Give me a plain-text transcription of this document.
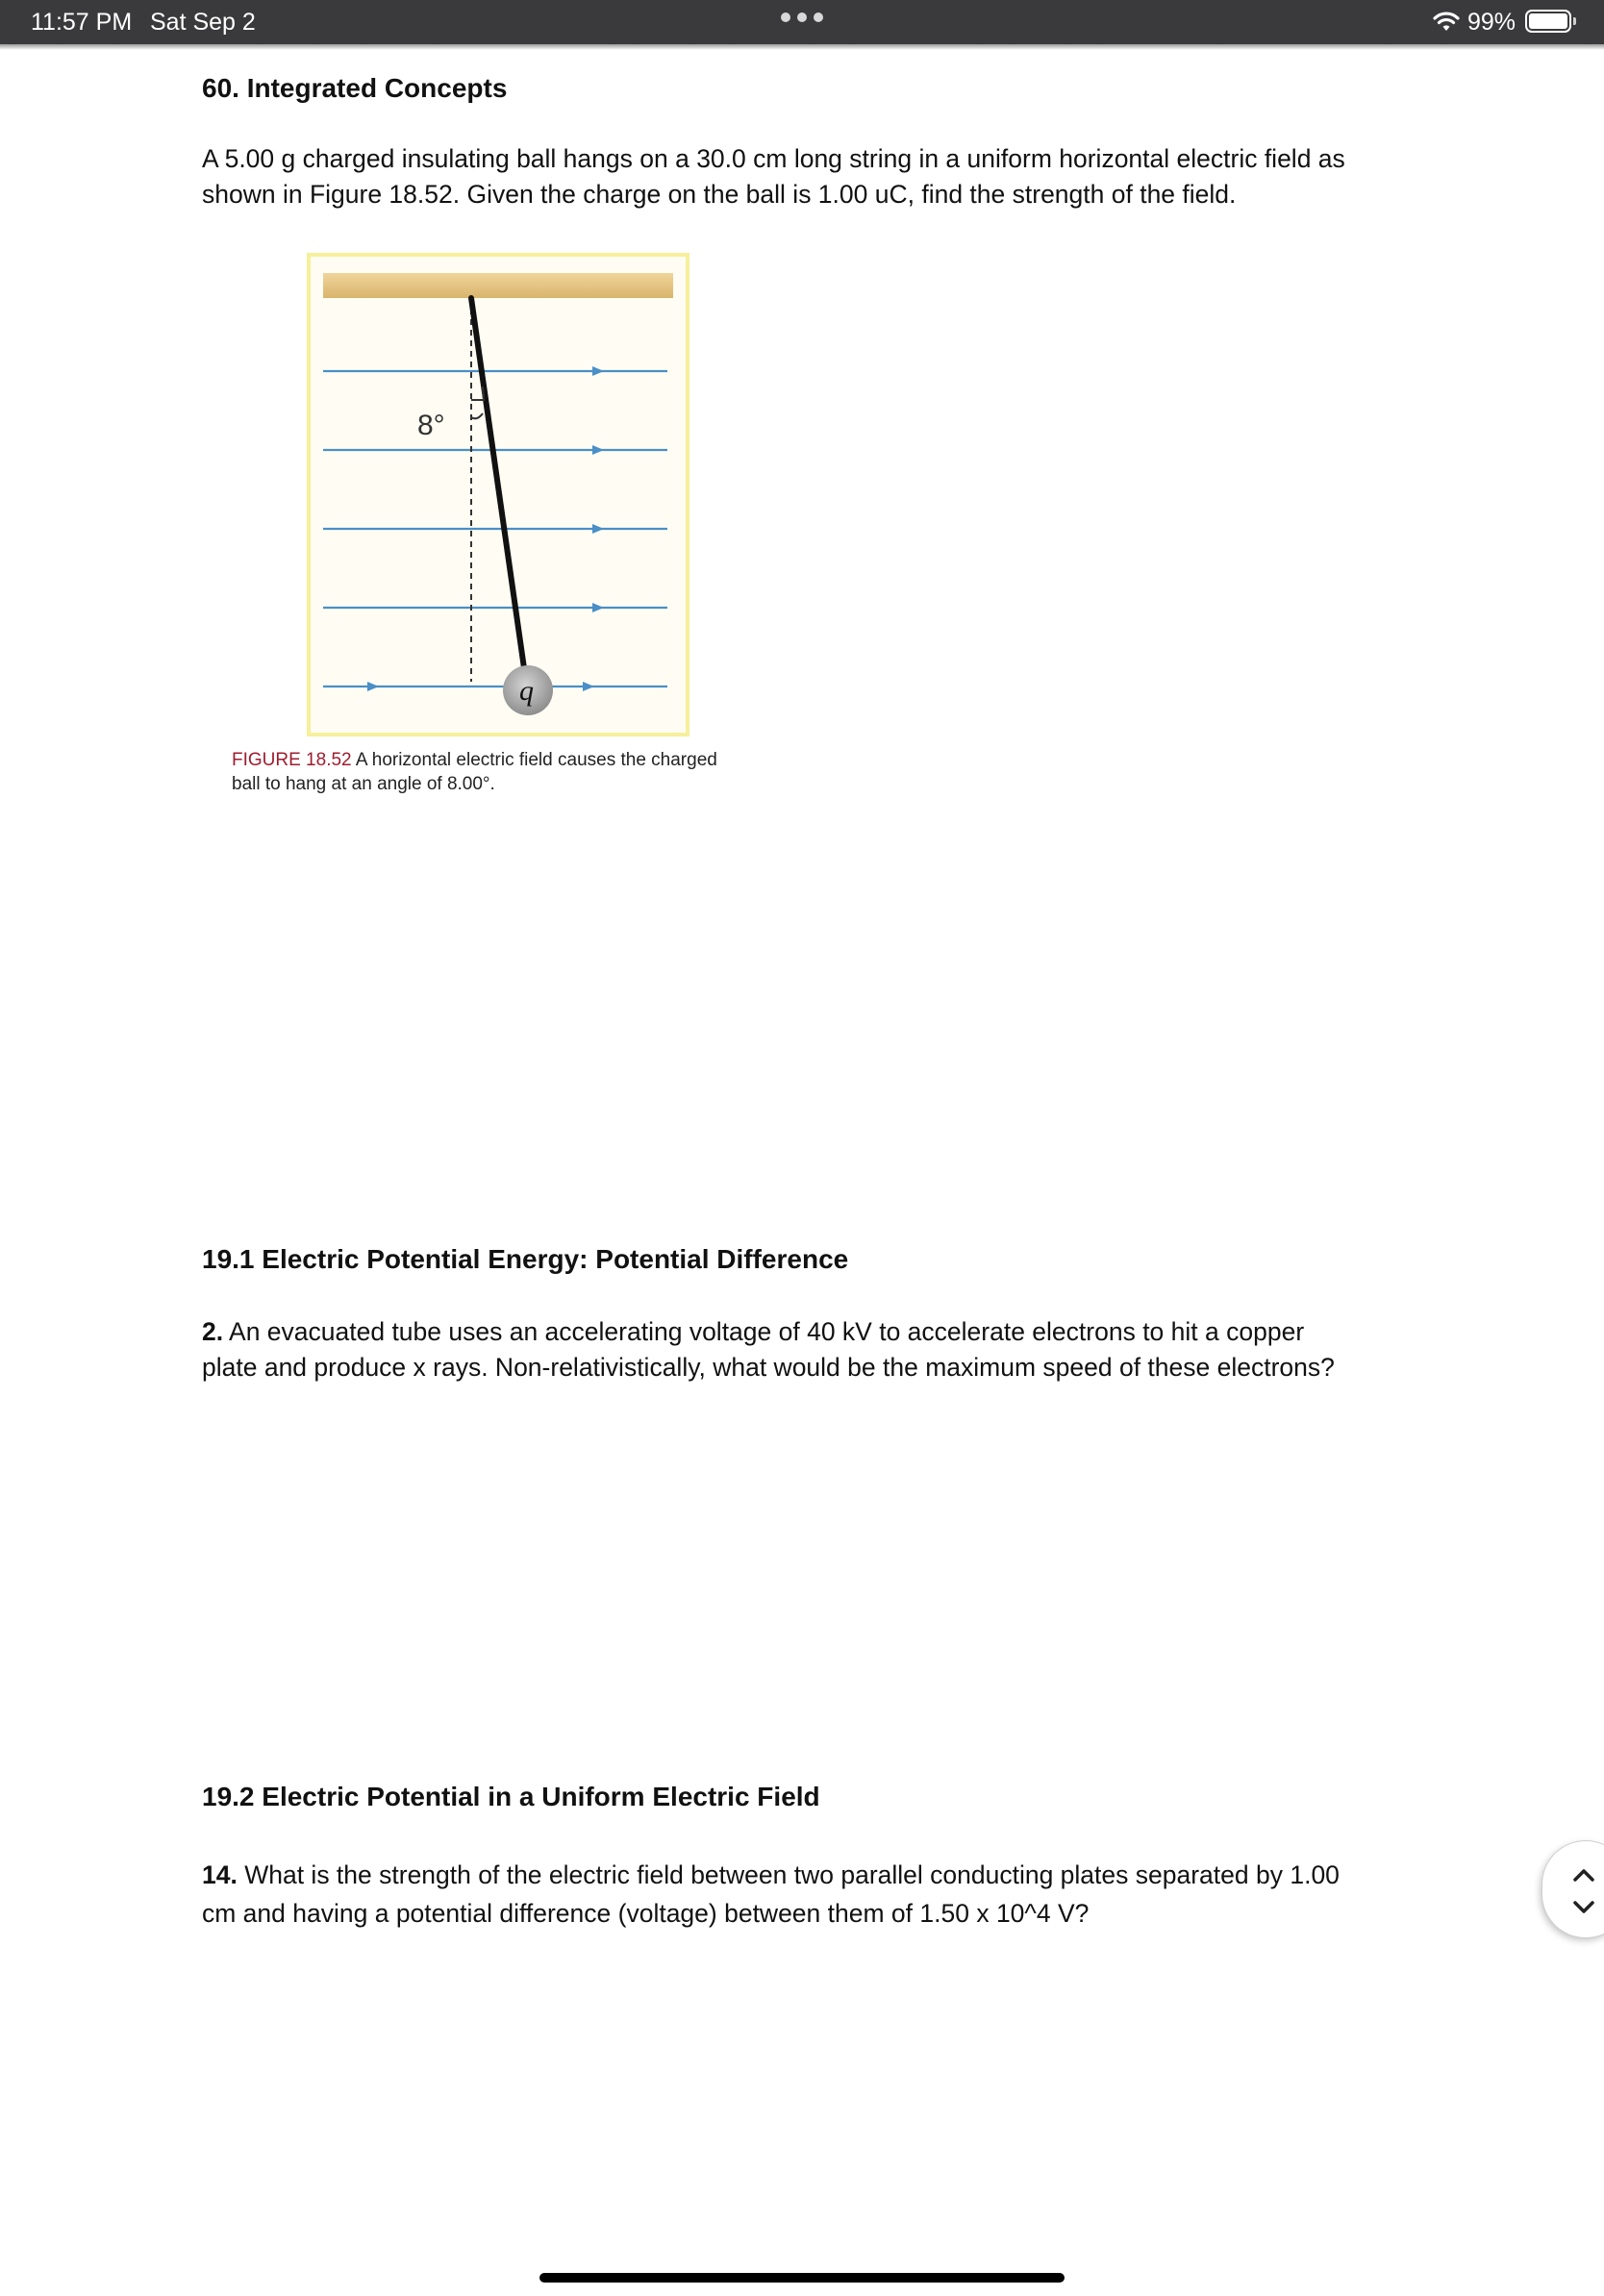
11:57 PM Sat Sep 2	99%
60. Integrated Concepts

A 5.00 g charged insulating ball hangs on a 30.0 cm long string in a uniform horizontal electric field as
shown in Figure 18.52. Given the charge on the ball is 1.00 uC, find the strength of the field.

8°
q
FIGURE 18.52 A horizontal electric field causes the charged
ball to hang at an angle of 8.00°.
19.1 Electric Potential Energy: Potential Difference

2. An evacuated tube uses an accelerating voltage of 40 kV to accelerate electrons to hit a copper
plate and produce x rays. Non-relativistically, what would be the maximum speed of these electrons?

19.2 Electric Potential in a Uniform Electric Field

14. What is the strength of the electric field between two parallel conducting plates separated by 1.00
cm and having a potential difference (voltage) between them of 1.50 x 10^4 V?
